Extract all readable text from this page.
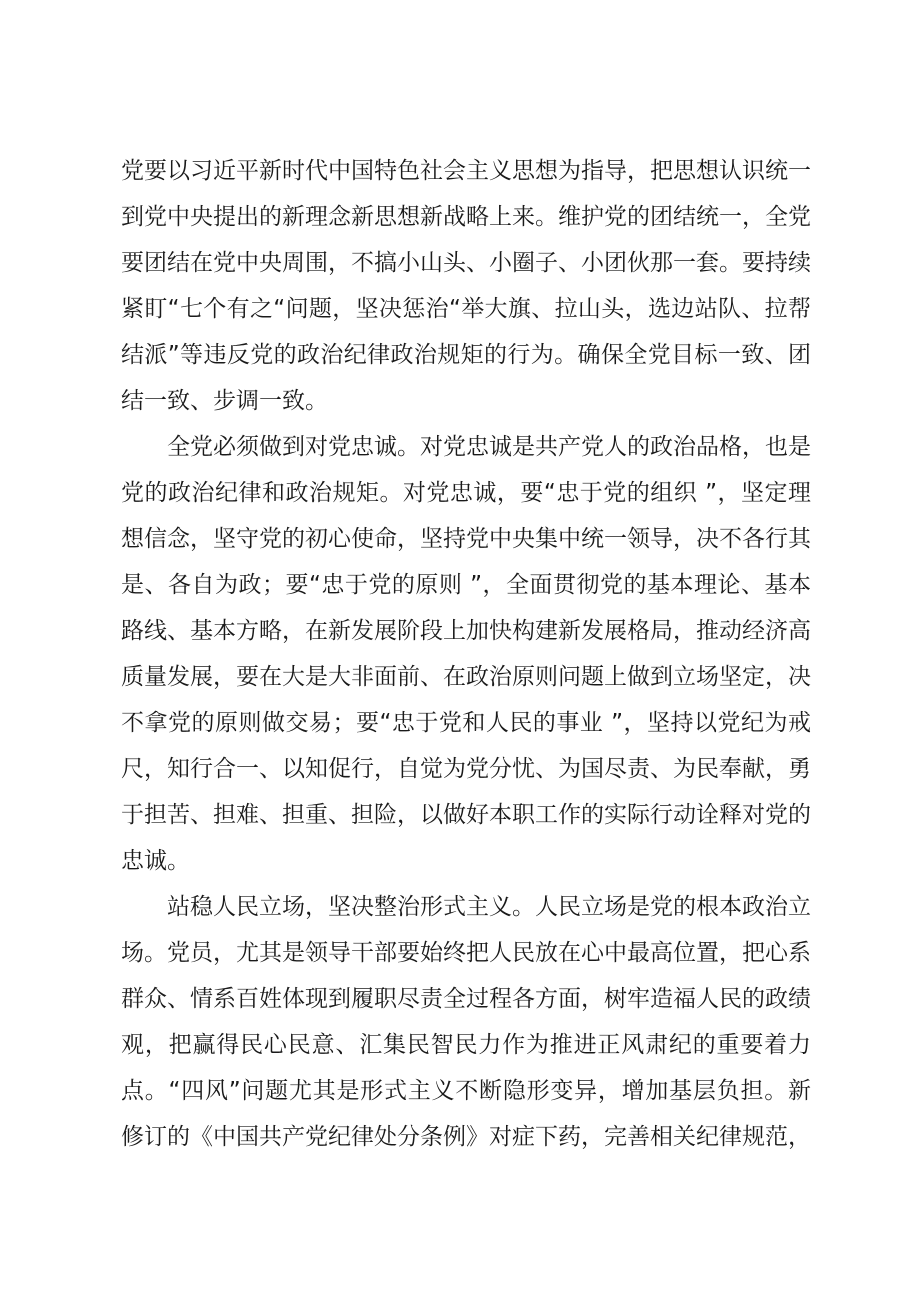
党要以习近平新时代中国特色社会主义思想为指导，把思想认识统一到党中央提出的新理念新思想新战略上来。维护党的团结统一，全党要团结在党中央周围，不搞小山头、小圈子、小团伙那一套。要持续紧盯“七个有之“问题，坚决惩治“举大旗、拉山头，选边站队、拉帮结派”等违反党的政治纪律政治规矩的行为。确保全党目标一致、团结一致、步调一致。

全党必须做到对党忠诚。对党忠诚是共产党人的政治品格，也是党的政治纪律和政治规矩。对党忠诚，要“忠于党的组织 ”，坚定理想信念，坚守党的初心使命，坚持党中央集中统一领导，决不各行其是、各自为政；要“忠于党的原则 ”，全面贯彻党的基本理论、基本路线、基本方略，在新发展阶段上加快构建新发展格局，推动经济高质量发展，要在大是大非面前、在政治原则问题上做到立场坚定，决不拿党的原则做交易；要“忠于党和人民的事业 ”，坚持以党纪为戒尺，知行合一、以知促行，自觉为党分忧、为国尽责、为民奉献，勇于担苦、担难、担重、担险，以做好本职工作的实际行动诠释对党的忠诚。

站稳人民立场，坚决整治形式主义。人民立场是党的根本政治立场。党员，尤其是领导干部要始终把人民放在心中最高位置，把心系群众、情系百姓体现到履职尽责全过程各方面，树牢造福人民的政绩观，把赢得民心民意、汇集民智民力作为推进正风肃纪的重要着力点。“四风”问题尤其是形式主义不断隐形变异，增加基层负担。新修订的《中国共产党纪律处分条例》对症下药，完善相关纪律规范，
